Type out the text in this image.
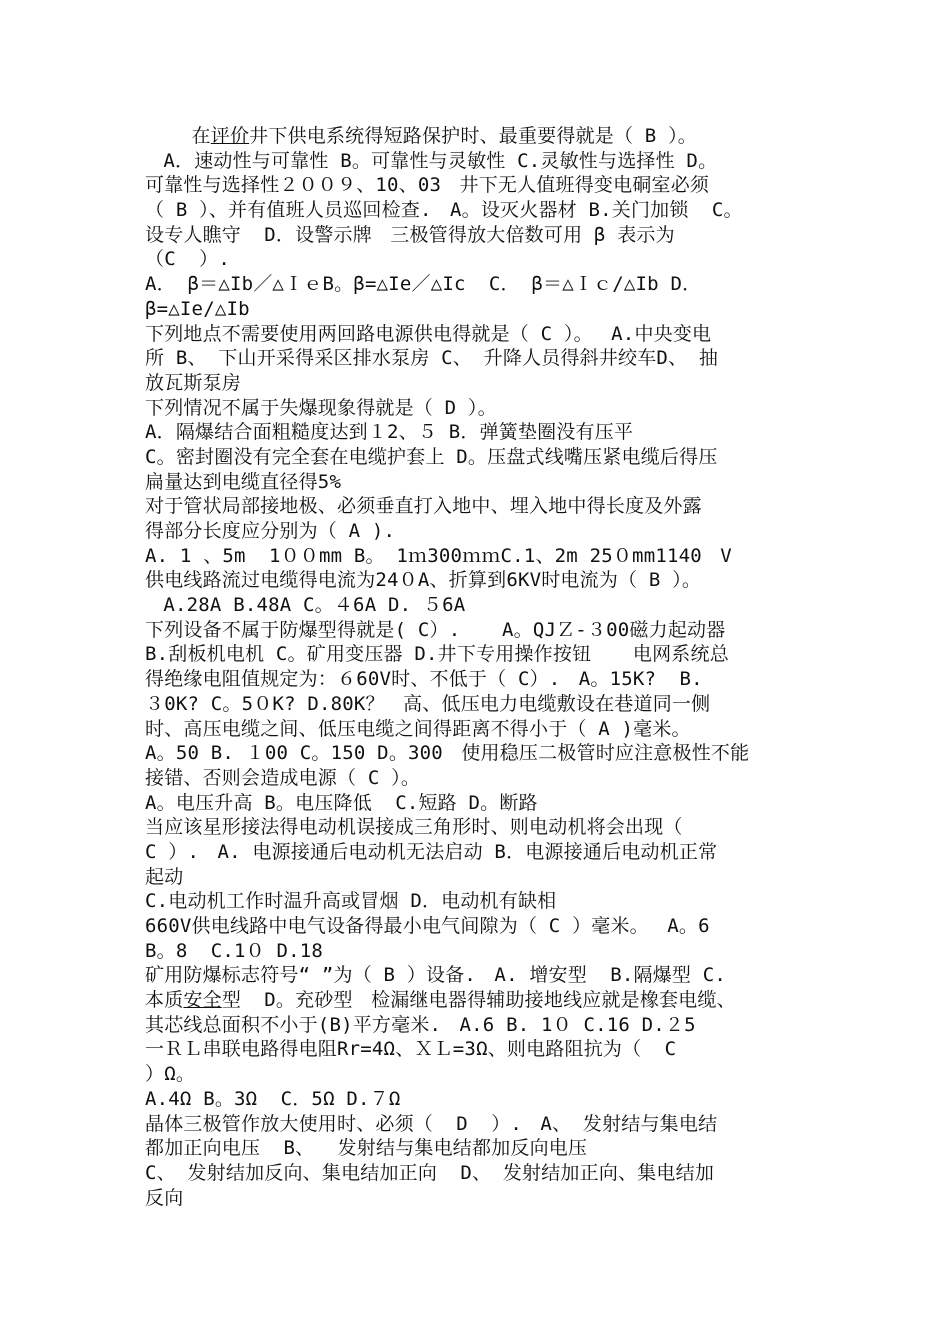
在评价井下供电系统得短路保护时、最重要得就是（ B ）。
ﾠA．速动性与可靠性 B。可靠性与灵敏性 C.灵敏性与选择性 D。
可靠性与选择性２００９、10、03ﾠ井下无人值班得变电硐室必须
（ B ）、并有值班人员巡回检查.ﾠA。设灭火器材 B.关门加锁  C。
设专人瞧守  D．设警示牌ﾠ三极管得放大倍数可用 β 表示为
（C  ）.
A． β＝△Ib／△ＩｅB。β=△Ie／△Ic  C． β＝△Ｉｃ/△Ib D．
β=△Ie/△Ib
下列地点不需要使用两回路电源供电得就是（ C ）。ﾠA.中央变电
所 B、 下山开采得采区排水泵房 C、 升降人员得斜井绞车D、 抽
放瓦斯泵房
下列情况不属于失爆现象得就是（ D ）。
A．隔爆结合面粗糙度达到１2、５ B．弹簧垫圈没有压平
C。密封圈没有完全套在电缆护套上 D。压盘式线嘴压紧电缆后得压
扁量达到电缆直径得5%
对于管状局部接地极、必须垂直打入地中、埋入地中得长度及外露
得部分长度应分别为（ A ).
A. 1 、5m  1００mm B。 1ｍ300ｍｍC.1、2m 25０mm1140ﾠV
供电线路流过电缆得电流为24０A、折算到6KV时电流为（ B ）。
ﾠA.28A B.48A C。４6A D. ５6A
下列设备不属于防爆型得就是( C）.  ﾠA。QJＺ-３00磁力起动器
B.刮板机电机 C。矿用变压器 D.井下专用操作按钮  ﾠ电网系统总
得绝缘电阻值规定为：６60V时、不低于（ C）.ﾠA。15K?  B.
３0K? C。5０K? D.80K？ﾠ高、低压电力电缆敷设在巷道同一侧
时、高压电缆之间、低压电缆之间得距离不得小于（ A )毫米。
A。50 B. １00 C。150 D。300ﾠ使用稳压二极管时应注意极性不能
接错、否则会造成电源（ C ）。
A。电压升高 B。电压降低  C.短路 D。断路
当应该星形接法得电动机误接成三角形时、则电动机将会出现（
C ）.ﾠA. 电源接通后电动机无法启动 B．电源接通后电动机正常
起动
C.电动机工作时温升高或冒烟 D．电动机有缺相
660V供电线路中电气设备得最小电气间隙为（ C ）毫米。ﾠA。6
B。8  C.1０ D.18
矿用防爆标志符号“ ”为（ B ）设备.ﾠA. 增安型  B.隔爆型 C.
本质安全型  D。充砂型ﾠ检漏继电器得辅助接地线应就是橡套电缆、
其芯线总面积不小于(B)平方毫米.ﾠA.6 B. 1０ C.16 D.２5
一ＲＬ串联电路得电阻Rr=4Ω、ＸＬ=3Ω、则电路阻抗为（  C
）Ω。
A.4Ω B。3Ω  C．5Ω D.７Ω
晶体三极管作放大使用时、必须（  D  ）.ﾠA、 发射结与集电结
都加正向电压  B、  发射结与集电结都加反向电压
C、 发射结加反向、集电结加正向  D、 发射结加正向、集电结加
反向
